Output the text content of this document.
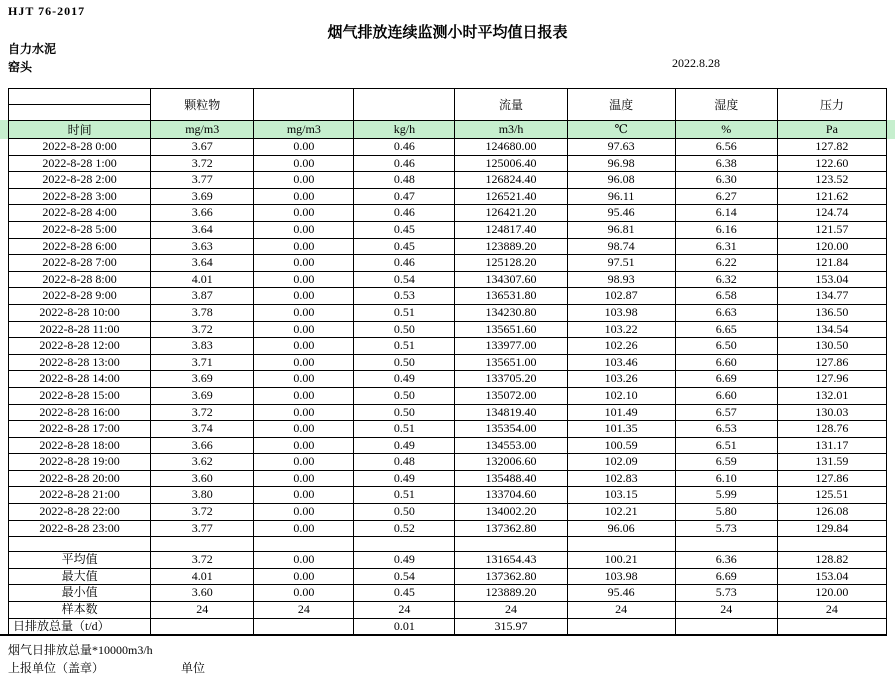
HJT 76-2017
烟气排放连续监测小时平均值日报表
自力水泥
窑头	2022.8.28
	颗粒物			流量	温度	湿度	压力
时间	mg/m3	mg/m3	kg/h	m3/h	℃	%	Pa
2022-8-28 0:00	3.67	0.00	0.46	124680.00	97.63	6.56	127.82
2022-8-28 1:00	3.72	0.00	0.46	125006.40	96.98	6.38	122.60
2022-8-28 2:00	3.77	0.00	0.48	126824.40	96.08	6.30	123.52
2022-8-28 3:00	3.69	0.00	0.47	126521.40	96.11	6.27	121.62
2022-8-28 4:00	3.66	0.00	0.46	126421.20	95.46	6.14	124.74
2022-8-28 5:00	3.64	0.00	0.45	124817.40	96.81	6.16	121.57
2022-8-28 6:00	3.63	0.00	0.45	123889.20	98.74	6.31	120.00
2022-8-28 7:00	3.64	0.00	0.46	125128.20	97.51	6.22	121.84
2022-8-28 8:00	4.01	0.00	0.54	134307.60	98.93	6.32	153.04
2022-8-28 9:00	3.87	0.00	0.53	136531.80	102.87	6.58	134.77
2022-8-28 10:00	3.78	0.00	0.51	134230.80	103.98	6.63	136.50
2022-8-28 11:00	3.72	0.00	0.50	135651.60	103.22	6.65	134.54
2022-8-28 12:00	3.83	0.00	0.51	133977.00	102.26	6.50	130.50
2022-8-28 13:00	3.71	0.00	0.50	135651.00	103.46	6.60	127.86
2022-8-28 14:00	3.69	0.00	0.49	133705.20	103.26	6.69	127.96
2022-8-28 15:00	3.69	0.00	0.50	135072.00	102.10	6.60	132.01
2022-8-28 16:00	3.72	0.00	0.50	134819.40	101.49	6.57	130.03
2022-8-28 17:00	3.74	0.00	0.51	135354.00	101.35	6.53	128.76
2022-8-28 18:00	3.66	0.00	0.49	134553.00	100.59	6.51	131.17
2022-8-28 19:00	3.62	0.00	0.48	132006.60	102.09	6.59	131.59
2022-8-28 20:00	3.60	0.00	0.49	135488.40	102.83	6.10	127.86
2022-8-28 21:00	3.80	0.00	0.51	133704.60	103.15	5.99	125.51
2022-8-28 22:00	3.72	0.00	0.50	134002.20	102.21	5.80	126.08
2022-8-28 23:00	3.77	0.00	0.52	137362.80	96.06	5.73	129.84

平均值	3.72	0.00	0.49	131654.43	100.21	6.36	128.82
最大值	4.01	0.00	0.54	137362.80	103.98	6.69	153.04
最小值	3.60	0.00	0.45	123889.20	95.46	5.73	120.00
样本数	24	24	24	24	24	24	24
日排放总量（t/d）			0.01	315.97			
烟气日排放总量*10000m3/h
上报单位（盖章）	单位
